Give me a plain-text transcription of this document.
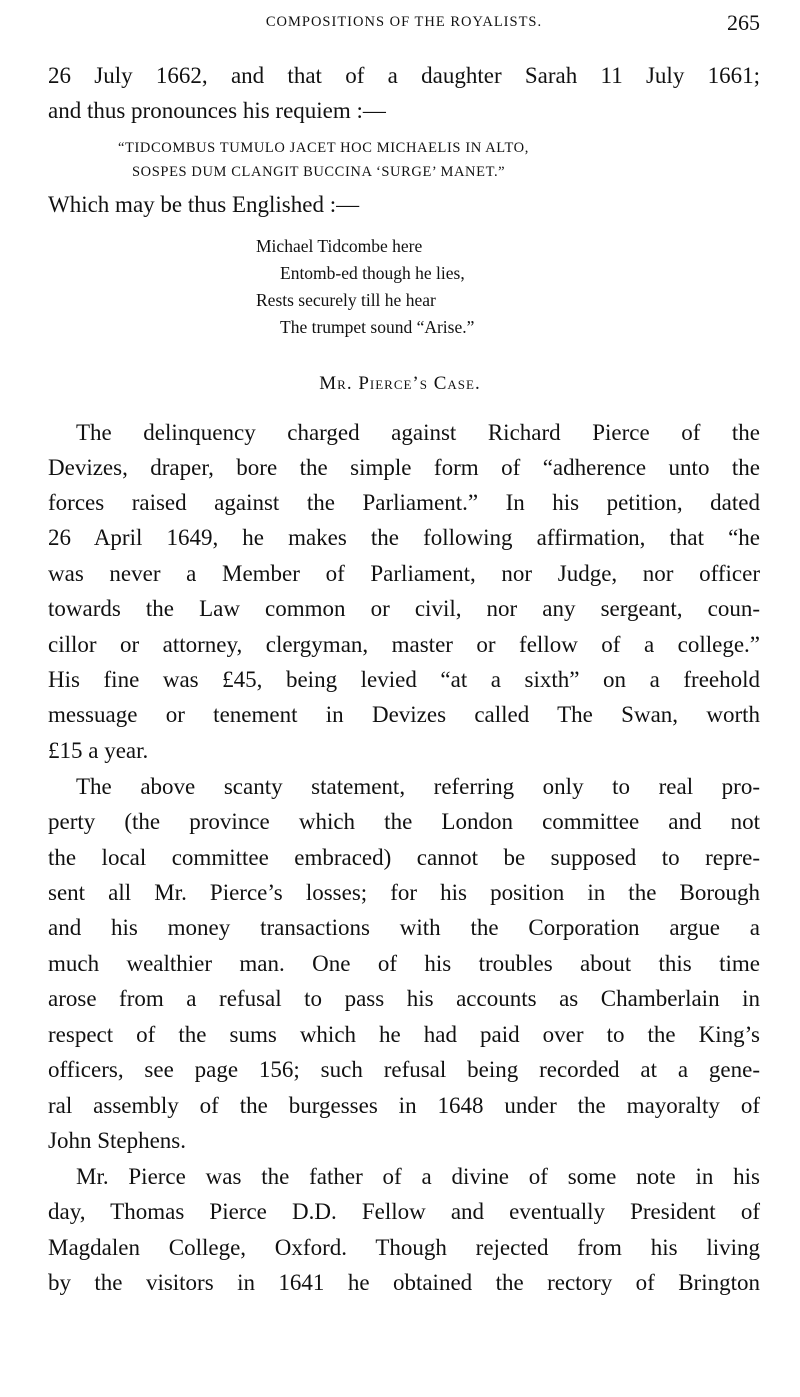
COMPOSITIONS OF THE ROYALISTS.	265
26 July 1662, and that of a daughter Sarah 11 July 1661;
and thus pronounces his requiem :—
“TIDCOMBUS TUMULO JACET HOC MICHAELIS IN ALTO,
SOSPES DUM CLANGIT BUCCINA ‘SURGE’ MANET.”
Which may be thus Englished :—
Michael Tidcombe here
Entomb-ed though he lies,
Rests securely till he hear
The trumpet sound “Arise.”
Mr. Pierce’s Case.
The delinquency charged against Richard Pierce of the
Devizes, draper, bore the simple form of “adherence unto the
forces raised against the Parliament.” In his petition, dated
26 April 1649, he makes the following affirmation, that “he
was never a Member of Parliament, nor Judge, nor officer
towards the Law common or civil, nor any sergeant, coun-
cillor or attorney, clergyman, master or fellow of a college.”
His fine was £45, being levied “at a sixth” on a freehold
messuage or tenement in Devizes called The Swan, worth
£15 a year.
The above scanty statement, referring only to real pro-
perty (the province which the London committee and not
the local committee embraced) cannot be supposed to repre-
sent all Mr. Pierce’s losses; for his position in the Borough
and his money transactions with the Corporation argue a
much wealthier man. One of his troubles about this time
arose from a refusal to pass his accounts as Chamberlain in
respect of the sums which he had paid over to the King’s
officers, see page 156; such refusal being recorded at a gene-
ral assembly of the burgesses in 1648 under the mayoralty of
John Stephens.
Mr. Pierce was the father of a divine of some note in his
day, Thomas Pierce D.D. Fellow and eventually President of
Magdalen College, Oxford. Though rejected from his living
by the visitors in 1641 he obtained the rectory of Brington
